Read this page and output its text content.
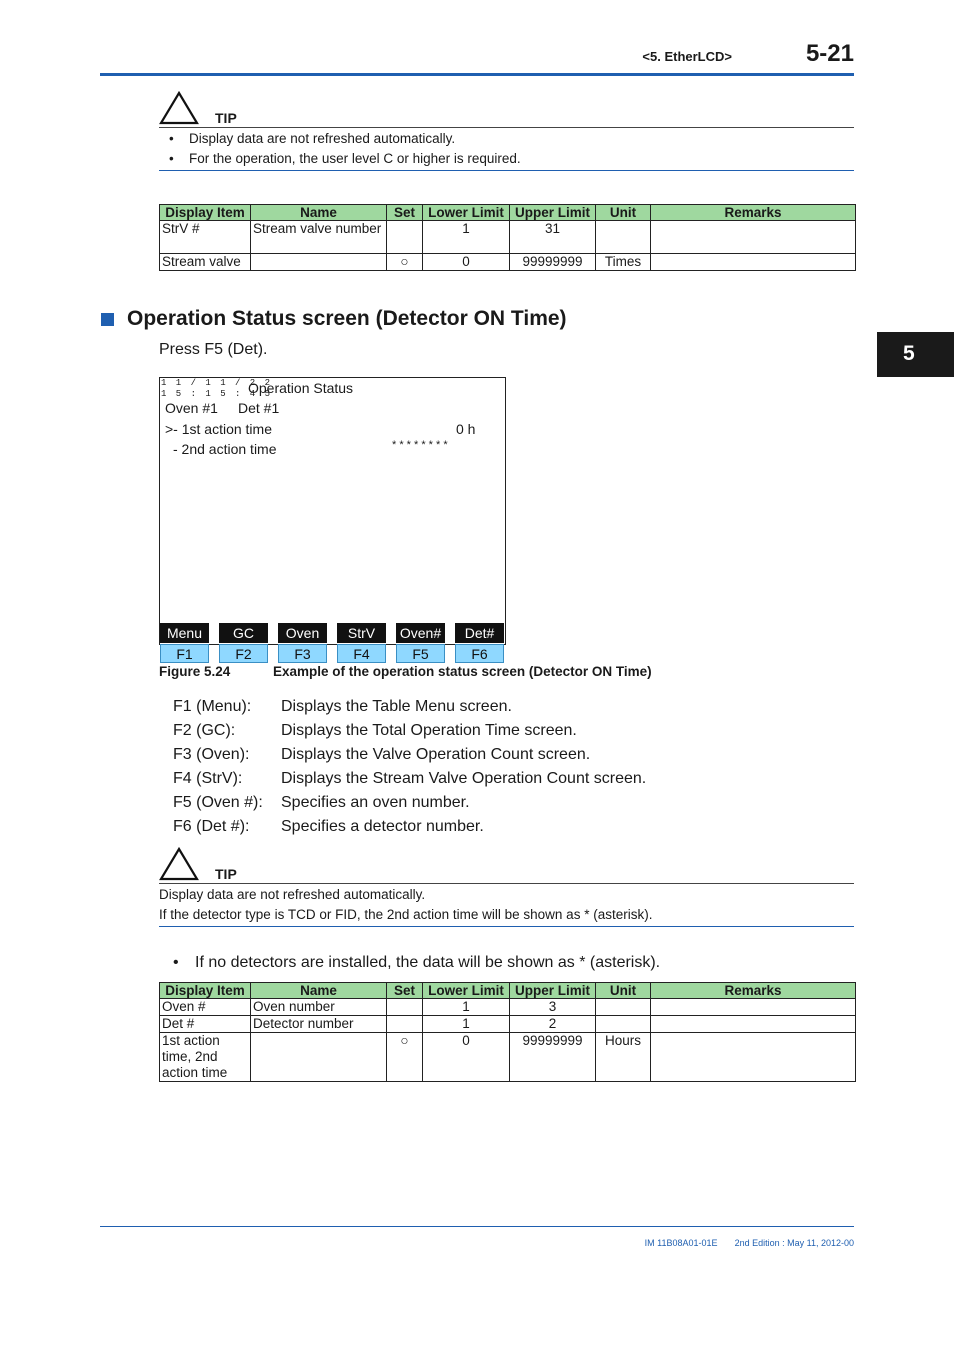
<5. EtherLCD>	5-21
TIP
• Display data are not refreshed automatically.
• For the operation, the user level C or higher is required.
Display Item	Name	Set	Lower Limit	Upper Limit	Unit	Remarks
StrV #	Stream valve number		1	31		
Stream valve		○	0	99999999	Times	
Operation Status screen (Detector ON Time)
Press F5 (Det).	5
1 1 / 1 1 / 2 2
1 5 : 1 5 : 4 5
Operation Status
Oven #1 Det #1
>- 1st action time	0 h
- 2nd action time	* * * * * * * *
Menu	GC	Oven	StrV	Oven#	Det#
F1	F2	F3	F4	F5	F6
Figure 5.24	Example of the operation status screen (Detector ON Time)
F1 (Menu): Displays the Table Menu screen.
F2 (GC):	Displays the Total Operation Time screen.
F3 (Oven): Displays the Valve Operation Count screen.
F4 (StrV): Displays the Stream Valve Operation Count screen.
F5 (Oven #): Specifies an oven number.
F6 (Det #): Specifies a detector number.
TIP
Display data are not refreshed automatically.
If the detector type is TCD or FID, the 2nd action time will be shown as * (asterisk).
• If no detectors are installed, the data will be shown as * (asterisk).
Display Item	Name	Set	Lower Limit	Upper Limit	Unit	Remarks
Oven #	Oven number		1	3		
Det #	Detector number		1	2		
1st action time, 2nd action time		○	0	99999999	Hours	
IM 11B08A01-01E 2nd Edition : May 11, 2012-00
